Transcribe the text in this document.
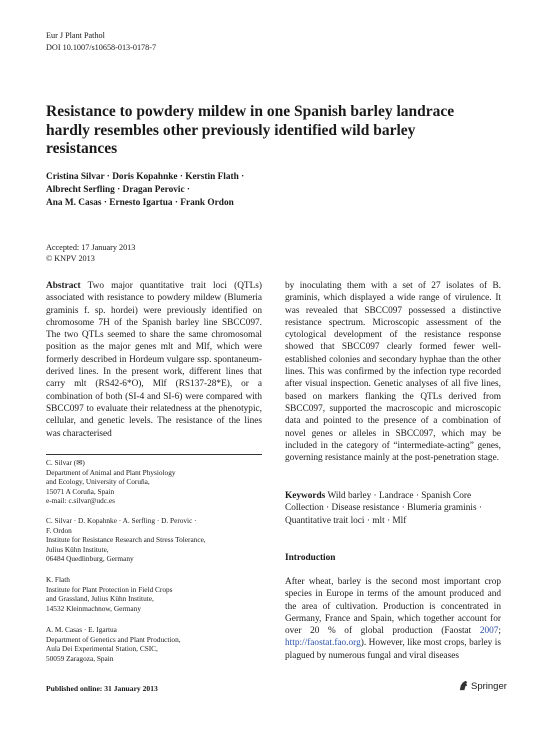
Eur J Plant Pathol
DOI 10.1007/s10658-013-0178-7
Resistance to powdery mildew in one Spanish barley landrace hardly resembles other previously identified wild barley resistances
Cristina Silvar · Doris Kopahnke · Kerstin Flath ·
Albrecht Serfling · Dragan Perovic ·
Ana M. Casas · Ernesto Igartua · Frank Ordon
Accepted: 17 January 2013
© KNPV 2013

Abstract Two major quantitative trait loci (QTLs) associated with resistance to powdery mildew (Blumeria graminis f. sp. hordei) were previously identified on chromosome 7H of the Spanish barley line SBCC097. The two QTLs seemed to share the same chromosomal position as the major genes mlt and Mlf, which were formerly described in Hordeum vulgare ssp. spontaneum-derived lines. In the present work, different lines that carry mlt (RS42-6*O), Mlf (RS137-28*E), or a combination of both (SI-4 and SI-6) were compared with SBCC097 to evaluate their relatedness at the phenotypic, cellular, and genetic levels. The resistance of the lines was characterised

C. Silvar (✉)
Department of Animal and Plant Physiology
and Ecology, University of Coruña,
15071 A Coruña, Spain
e-mail: c.silvar@udc.es
C. Silvar · D. Kopahnke · A. Serfling · D. Perovic ·
F. Ordon
Institute for Resistance Research and Stress Tolerance,
Julius Kühn Institute,
06484 Quedlinburg, Germany
K. Flath
Institute for Plant Protection in Field Crops
and Grassland, Julius Kühn Institute,
14532 Kleinmachnow, Germany
A. M. Casas · E. Igartua
Department of Genetics and Plant Production,
Aula Dei Experimental Station, CSIC,
50059 Zaragoza, Spain

by inoculating them with a set of 27 isolates of B. graminis, which displayed a wide range of virulence. It was revealed that SBCC097 possessed a distinctive resistance spectrum. Microscopic assessment of the cytological development of the resistance response showed that SBCC097 clearly formed fewer well-established colonies and secondary hyphae than the other lines. This was confirmed by the infection type recorded after visual inspection. Genetic analyses of all five lines, based on markers flanking the QTLs derived from SBCC097, supported the macroscopic and microscopic data and pointed to the presence of a combination of novel genes or alleles in SBCC097, which may be included in the category of “intermediate-acting” genes, governing resistance mainly at the post-penetration stage.

Keywords Wild barley · Landrace · Spanish Core Collection · Disease resistance · Blumeria graminis · Quantitative trait loci · mlt · Mlf
Introduction

After wheat, barley is the second most important crop species in Europe in terms of the amount produced and the area of cultivation. Production is concentrated in Germany, France and Spain, which together account for over 20 % of global production (Faostat 2007; http://faostat.fao.org). However, like most crops, barley is plagued by numerous fungal and viral diseases

Published online: 31 January 2013	Springer
